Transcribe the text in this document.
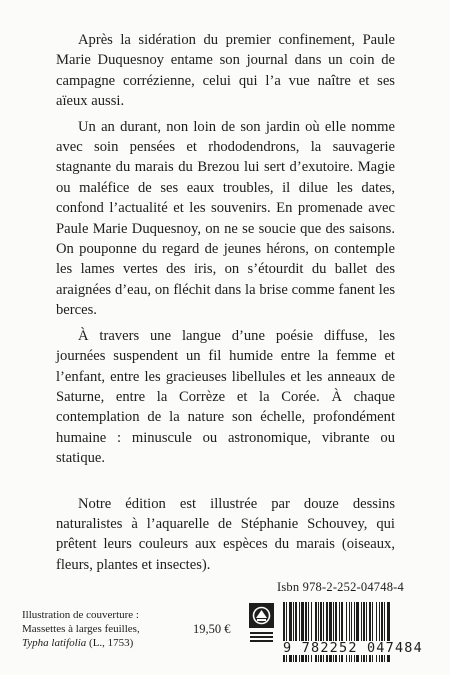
Après la sidération du premier confinement, Paule Marie Duquesnoy entame son journal dans un coin de campagne corrézienne, celui qui l’a vue naître et ses aïeux aussi.

Un an durant, non loin de son jardin où elle nomme avec soin pensées et rhododendrons, la sauvagerie stagnante du marais du Brezou lui sert d’exutoire. Magie ou maléfice de ses eaux troubles, il dilue les dates, confond l’actualité et les souvenirs. En promenade avec Paule Marie Duquesnoy, on ne se soucie que des saisons. On pouponne du regard de jeunes hérons, on contemple les lames vertes des iris, on s’étourdit du ballet des araignées d’eau, on fléchit dans la brise comme fanent les berces.

À travers une langue d’une poésie diffuse, les journées suspendent un fil humide entre la femme et l’enfant, entre les gracieuses libellules et les anneaux de Saturne, entre la Corrèze et la Corée. À chaque contemplation de la nature son échelle, profondément humaine : minuscule ou astronomique, vibrante ou statique.

Notre édition est illustrée par douze dessins naturalistes à l’aquarelle de Stéphanie Schouvey, qui prêtent leurs couleurs aux espèces du marais (oiseaux, fleurs, plantes et insectes).

Isbn 978-2-252-04748-4
Illustration de couverture :
Massettes à larges feuilles,
Typha latifolia (L., 1753)
19,50 €
9 782252 047484
